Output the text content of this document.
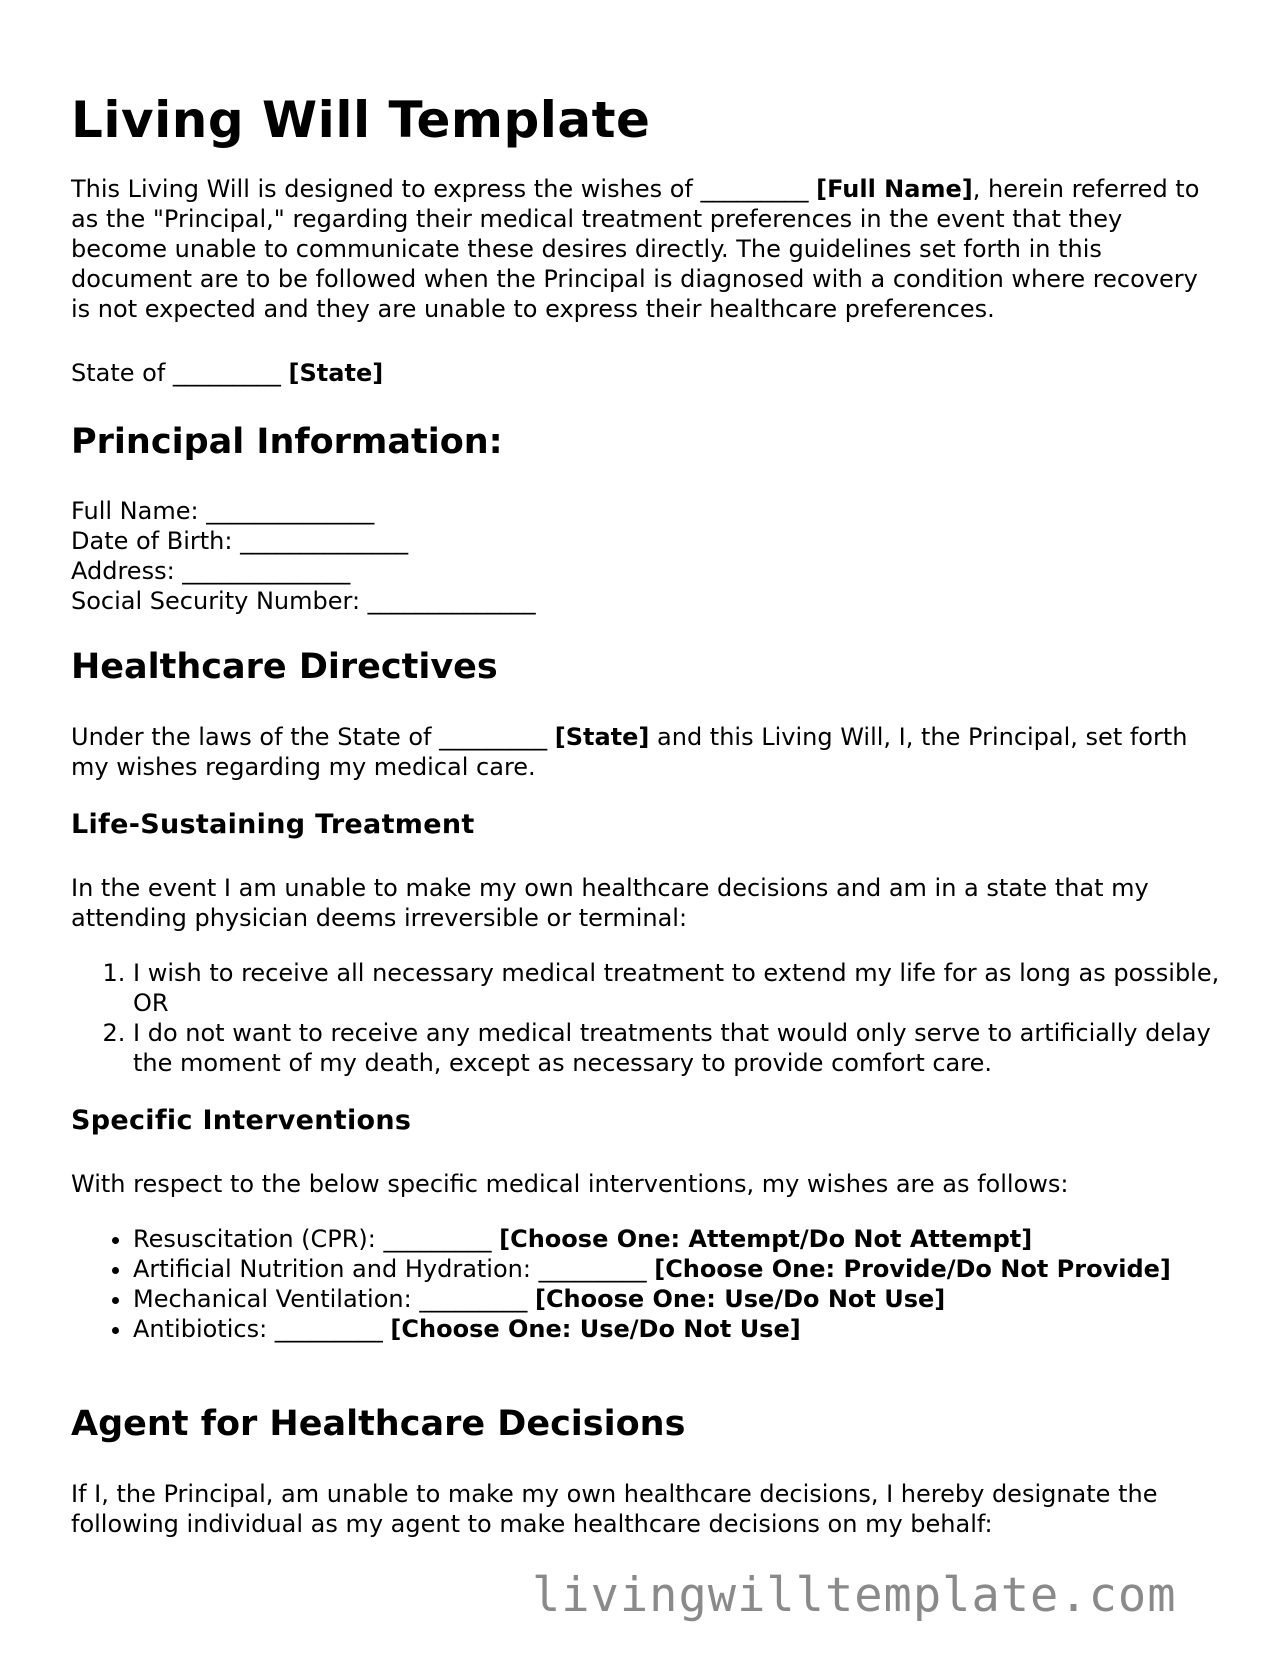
Living Will Template

This Living Will is designed to express the wishes of _________ [Full Name], herein referred to as the "Principal," regarding their medical treatment preferences in the event that they become unable to communicate these desires directly. The guidelines set forth in this document are to be followed when the Principal is diagnosed with a condition where recovery is not expected and they are unable to express their healthcare preferences.

State of _________ [State]

Principal Information:
Full Name: ______________
Date of Birth: ______________
Address: ______________
Social Security Number: ______________
Healthcare Directives

Under the laws of the State of _________ [State] and this Living Will, I, the Principal, set forth my wishes regarding my medical care.

Life-Sustaining Treatment

In the event I am unable to make my own healthcare decisions and am in a state that my attending physician deems irreversible or terminal:

1. I wish to receive all necessary medical treatment to extend my life for as long as possible, OR
2. I do not want to receive any medical treatments that would only serve to artificially delay the moment of my death, except as necessary to provide comfort care.
Specific Interventions

With respect to the below specific medical interventions, my wishes are as follows:

• Resuscitation (CPR): _________ [Choose One: Attempt/Do Not Attempt]
• Artificial Nutrition and Hydration: _________ [Choose One: Provide/Do Not Provide]
• Mechanical Ventilation: _________ [Choose One: Use/Do Not Use]
• Antibiotics: _________ [Choose One: Use/Do Not Use]
Agent for Healthcare Decisions

If I, the Principal, am unable to make my own healthcare decisions, I hereby designate the following individual as my agent to make healthcare decisions on my behalf:

livingwilltemplate.com
